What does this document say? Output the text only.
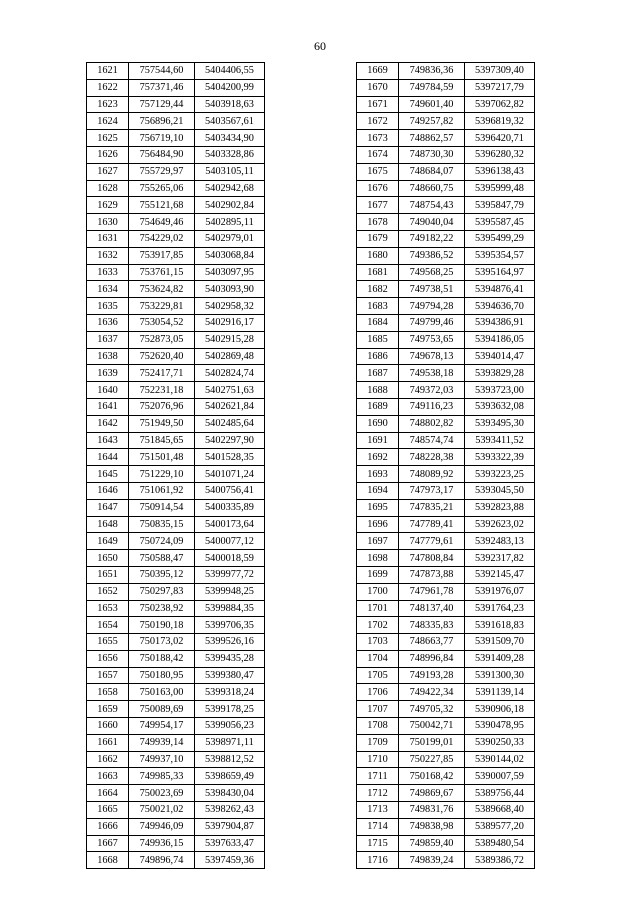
60
1621	757544,60	5404406,55
1622	757371,46	5404200,99
1623	757129,44	5403918,63
1624	756896,21	5403567,61
1625	756719,10	5403434,90
1626	756484,90	5403328,86
1627	755729,97	5403105,11
1628	755265,06	5402942,68
1629	755121,68	5402902,84
1630	754649,46	5402895,11
1631	754229,02	5402979,01
1632	753917,85	5403068,84
1633	753761,15	5403097,95
1634	753624,82	5403093,90
1635	753229,81	5402958,32
1636	753054,52	5402916,17
1637	752873,05	5402915,28
1638	752620,40	5402869,48
1639	752417,71	5402824,74
1640	752231,18	5402751,63
1641	752076,96	5402621,84
1642	751949,50	5402485,64
1643	751845,65	5402297,90
1644	751501,48	5401528,35
1645	751229,10	5401071,24
1646	751061,92	5400756,41
1647	750914,54	5400335,89
1648	750835,15	5400173,64
1649	750724,09	5400077,12
1650	750588,47	5400018,59
1651	750395,12	5399977,72
1652	750297,83	5399948,25
1653	750238,92	5399884,35
1654	750190,18	5399706,35
1655	750173,02	5399526,16
1656	750188,42	5399435,28
1657	750180,95	5399380,47
1658	750163,00	5399318,24
1659	750089,69	5399178,25
1660	749954,17	5399056,23
1661	749939,14	5398971,11
1662	749937,10	5398812,52
1663	749985,33	5398659,49
1664	750023,69	5398430,04
1665	750021,02	5398262,43
1666	749946,09	5397904,87
1667	749936,15	5397633,47
1668	749896,74	5397459,36
1669	749836,36	5397309,40
1670	749784,59	5397217,79
1671	749601,40	5397062,82
1672	749257,82	5396819,32
1673	748862,57	5396420,71
1674	748730,30	5396280,32
1675	748684,07	5396138,43
1676	748660,75	5395999,48
1677	748754,43	5395847,79
1678	749040,04	5395587,45
1679	749182,22	5395499,29
1680	749386,52	5395354,57
1681	749568,25	5395164,97
1682	749738,51	5394876,41
1683	749794,28	5394636,70
1684	749799,46	5394386,91
1685	749753,65	5394186,05
1686	749678,13	5394014,47
1687	749538,18	5393829,28
1688	749372,03	5393723,00
1689	749116,23	5393632,08
1690	748802,82	5393495,30
1691	748574,74	5393411,52
1692	748228,38	5393322,39
1693	748089,92	5393223,25
1694	747973,17	5393045,50
1695	747835,21	5392823,88
1696	747789,41	5392623,02
1697	747779,61	5392483,13
1698	747808,84	5392317,82
1699	747873,88	5392145,47
1700	747961,78	5391976,07
1701	748137,40	5391764,23
1702	748335,83	5391618,83
1703	748663,77	5391509,70
1704	748996,84	5391409,28
1705	749193,28	5391300,30
1706	749422,34	5391139,14
1707	749705,32	5390906,18
1708	750042,71	5390478,95
1709	750199,01	5390250,33
1710	750227,85	5390144,02
1711	750168,42	5390007,59
1712	749869,67	5389756,44
1713	749831,76	5389668,40
1714	749838,98	5389577,20
1715	749859,40	5389480,54
1716	749839,24	5389386,72
